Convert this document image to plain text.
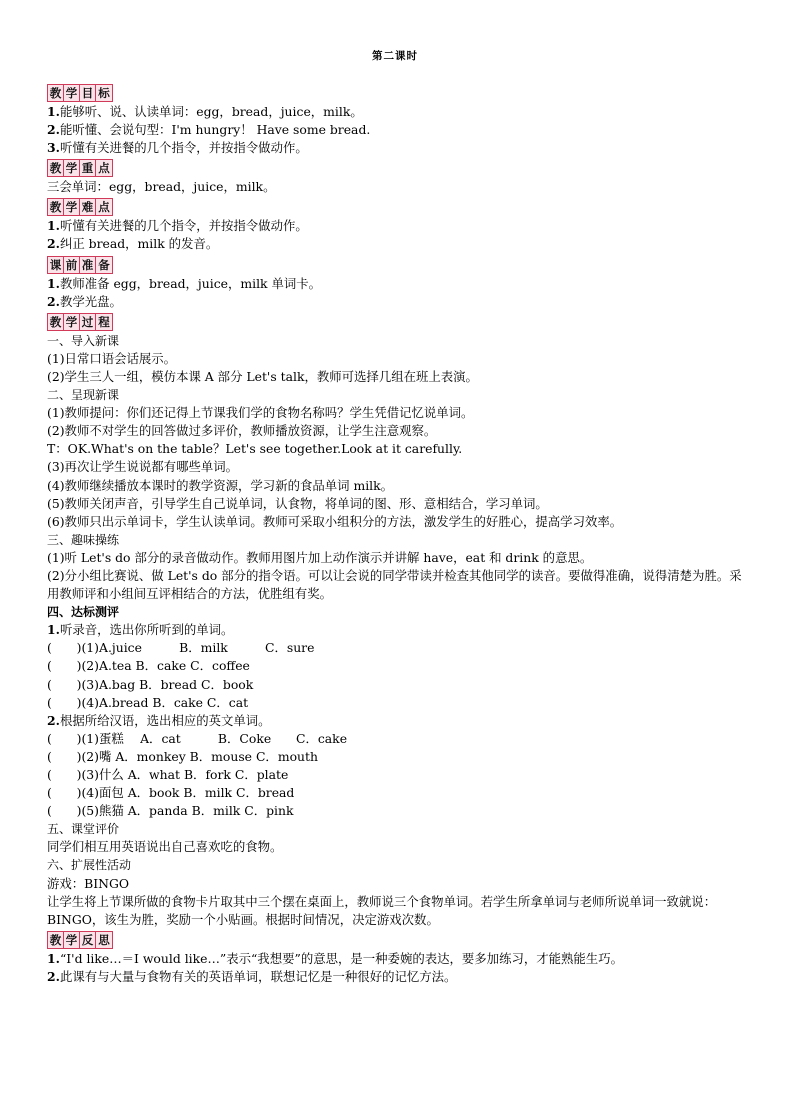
第二课时
教 学 目 标
1.能够听、说、认读单词：egg，bread，juice，milk。
2.能听懂、会说句型：I'm hungry！ Have some bread.
3.听懂有关进餐的几个指令，并按指令做动作。
教 学 重 点
三会单词：egg，bread，juice，milk。
教 学 难 点
1.听懂有关进餐的几个指令，并按指令做动作。
2.纠正 bread，milk 的发音。
课 前 准 备
1.教师准备 egg，bread，juice，milk 单词卡。
2.教学光盘。
教 学 过 程
一、导入新课
(1)日常口语会话展示。
(2)学生三人一组，模仿本课 A 部分 Let's talk，教师可选择几组在班上表演。
二、呈现新课
(1)教师提问：你们还记得上节课我们学的食物名称吗？学生凭借记忆说单词。
(2)教师不对学生的回答做过多评价，教师播放资源，让学生注意观察。
T：OK.What's on the table？Let's see together.Look at it carefully.
(3)再次让学生说说都有哪些单词。
(4)教师继续播放本课时的教学资源，学习新的食品单词 milk。
(5)教师关闭声音，引导学生自己说单词，认食物，将单词的图、形、意相结合，学习单词。
(6)教师只出示单词卡，学生认读单词。教师可采取小组积分的方法，激发学生的好胜心，提高学习效率。
三、趣味操练
(1)听 Let's do 部分的录音做动作。教师用图片加上动作演示并讲解 have，eat 和 drink 的意思。
(2)分小组比赛说、做 Let's do 部分的指令语。可以让会说的同学带读并检查其他同学的读音。要做得准确，说得清楚为胜。采用教师评和小组间互评相结合的方法，优胜组有奖。
四、达标测评
1.听录音，选出你所听到的单词。
(　　)(1)A.juice　　　B．milk　　　C．sure
(　　)(2)A.tea B．cake C．coffee
(　　)(3)A.bag B．bread C．book
(　　)(4)A.bread B．cake C．cat
2.根据所给汉语，选出相应的英文单词。
(　　)(1)蛋糕　 A．cat　　　B．Coke　　C．cake
(　　)(2)嘴 A．monkey B．mouse C．mouth
(　　)(3)什么 A．what B．fork C．plate
(　　)(4)面包 A．book B．milk C．bread
(　　)(5)熊猫 A．panda B．milk C．pink
五、课堂评价
同学们相互用英语说出自己喜欢吃的食物。
六、扩展性活动
游戏：BINGO
让学生将上节课所做的食物卡片取其中三个摆在桌面上，教师说三个食物单词。若学生所拿单词与老师所说单词一致就说：BINGO，该生为胜，奖励一个小贴画。根据时间情况，决定游戏次数。
教 学 反 思
1.“I'd like…＝I would like…”表示“我想要”的意思，是一种委婉的表达，要多加练习，才能熟能生巧。
2.此课有与大量与食物有关的英语单词，联想记忆是一种很好的记忆方法。
